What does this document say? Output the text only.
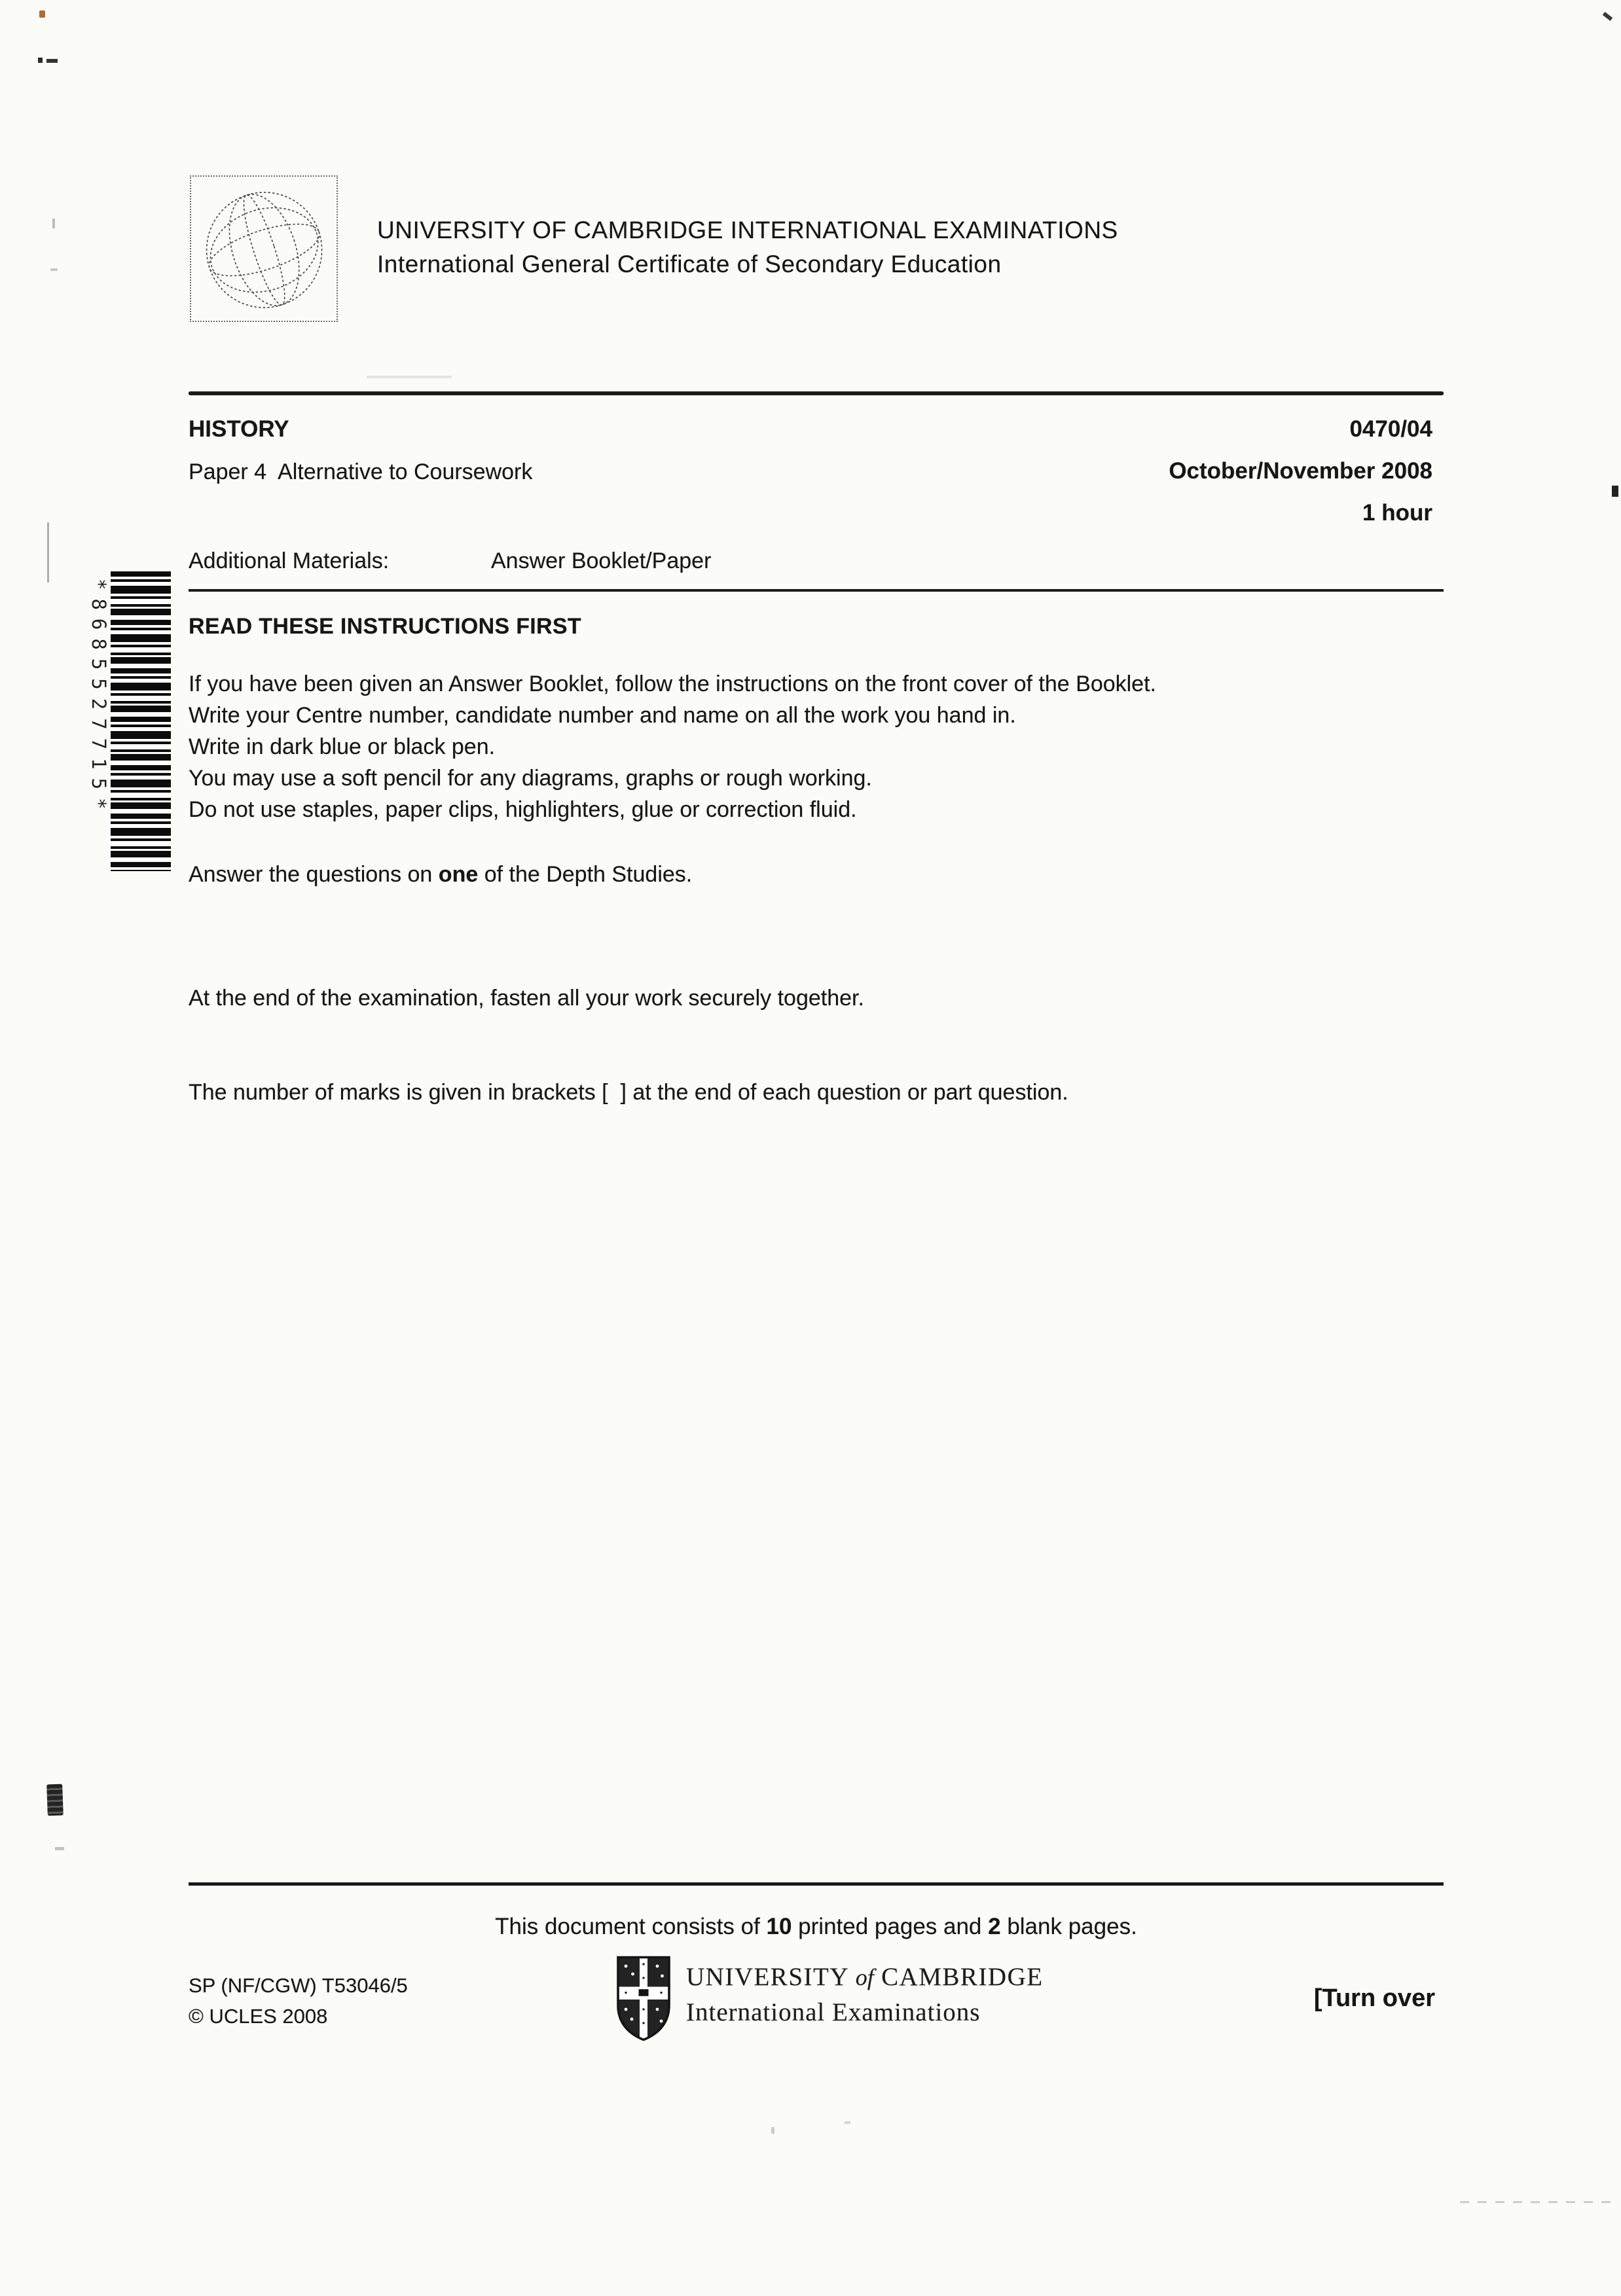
UNIVERSITY OF CAMBRIDGE INTERNATIONAL EXAMINATIONS
International General Certificate of Secondary Education
HISTORY	0470/04
Paper 4  Alternative to Coursework	October/November 2008
1 hour
Additional Materials:	Answer Booklet/Paper
READ THESE INSTRUCTIONS FIRST
If you have been given an Answer Booklet, follow the instructions on the front cover of the Booklet.
Write your Centre number, candidate number and name on all the work you hand in.
Write in dark blue or black pen.
You may use a soft pencil for any diagrams, graphs or rough working.
Do not use staples, paper clips, highlighters, glue or correction fluid.
Answer the questions on one of the Depth Studies.

At the end of the examination, fasten all your work securely together.

The number of marks is given in brackets [  ] at the end of each question or part question.

*8685527715*
This document consists of 10 printed pages and 2 blank pages.
UNIVERSITY of CAMBRIDGE
International Examinations
SP (NF/CGW) T53046/5
© UCLES 2008
[Turn over
